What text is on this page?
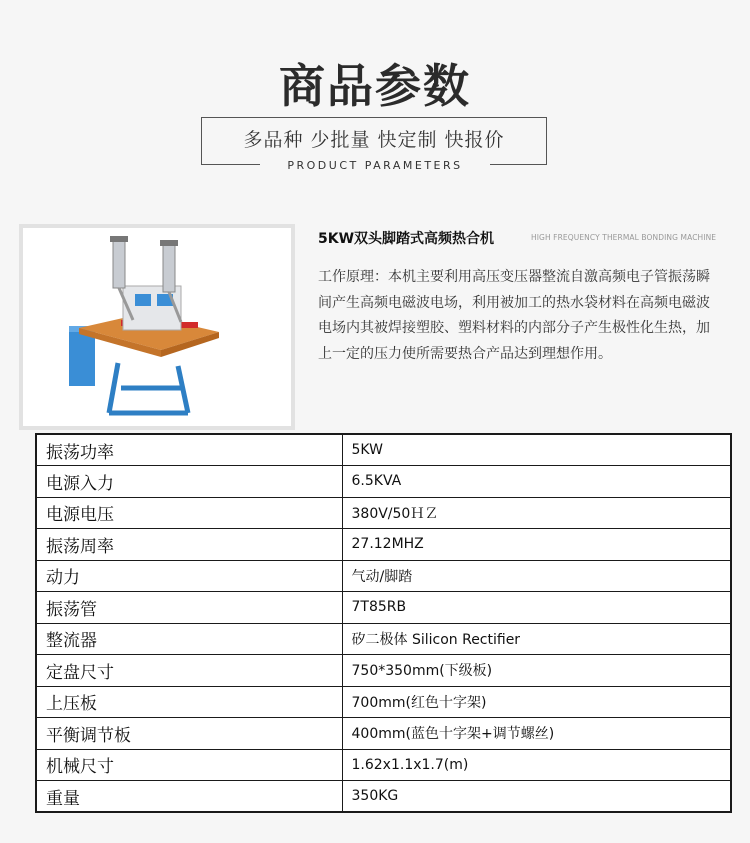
商品参数
多品种 少批量 快定制 快报价
PRODUCT PARAMETERS
5KW双头脚踏式高频热合机	HIGH FREQUENCY THERMAL BONDING MACHINE
工作原理：本机主要利用高压变压器整流自激高频电子管振荡瞬间产生高频电磁波电场，利用被加工的热水袋材料在高频电磁波电场内其被焊接塑胶、塑料材料的内部分子产生极性化生热，加上一定的压力使所需要热合产品达到理想作用。
振荡功率	5KW
电源入力	6.5KVA
电源电压	380V/50ＨＺ
振荡周率	27.12MHZ
动力	气动/脚踏
振荡管	7T85RB
整流器	矽二极体 Silicon Rectifier
定盘尺寸	750*350mm(下级板)
上压板	700mm(红色十字架)
平衡调节板	400mm(蓝色十字架+调节螺丝)
机械尺寸	1.62x1.1x1.7(m)
重量	350KG
